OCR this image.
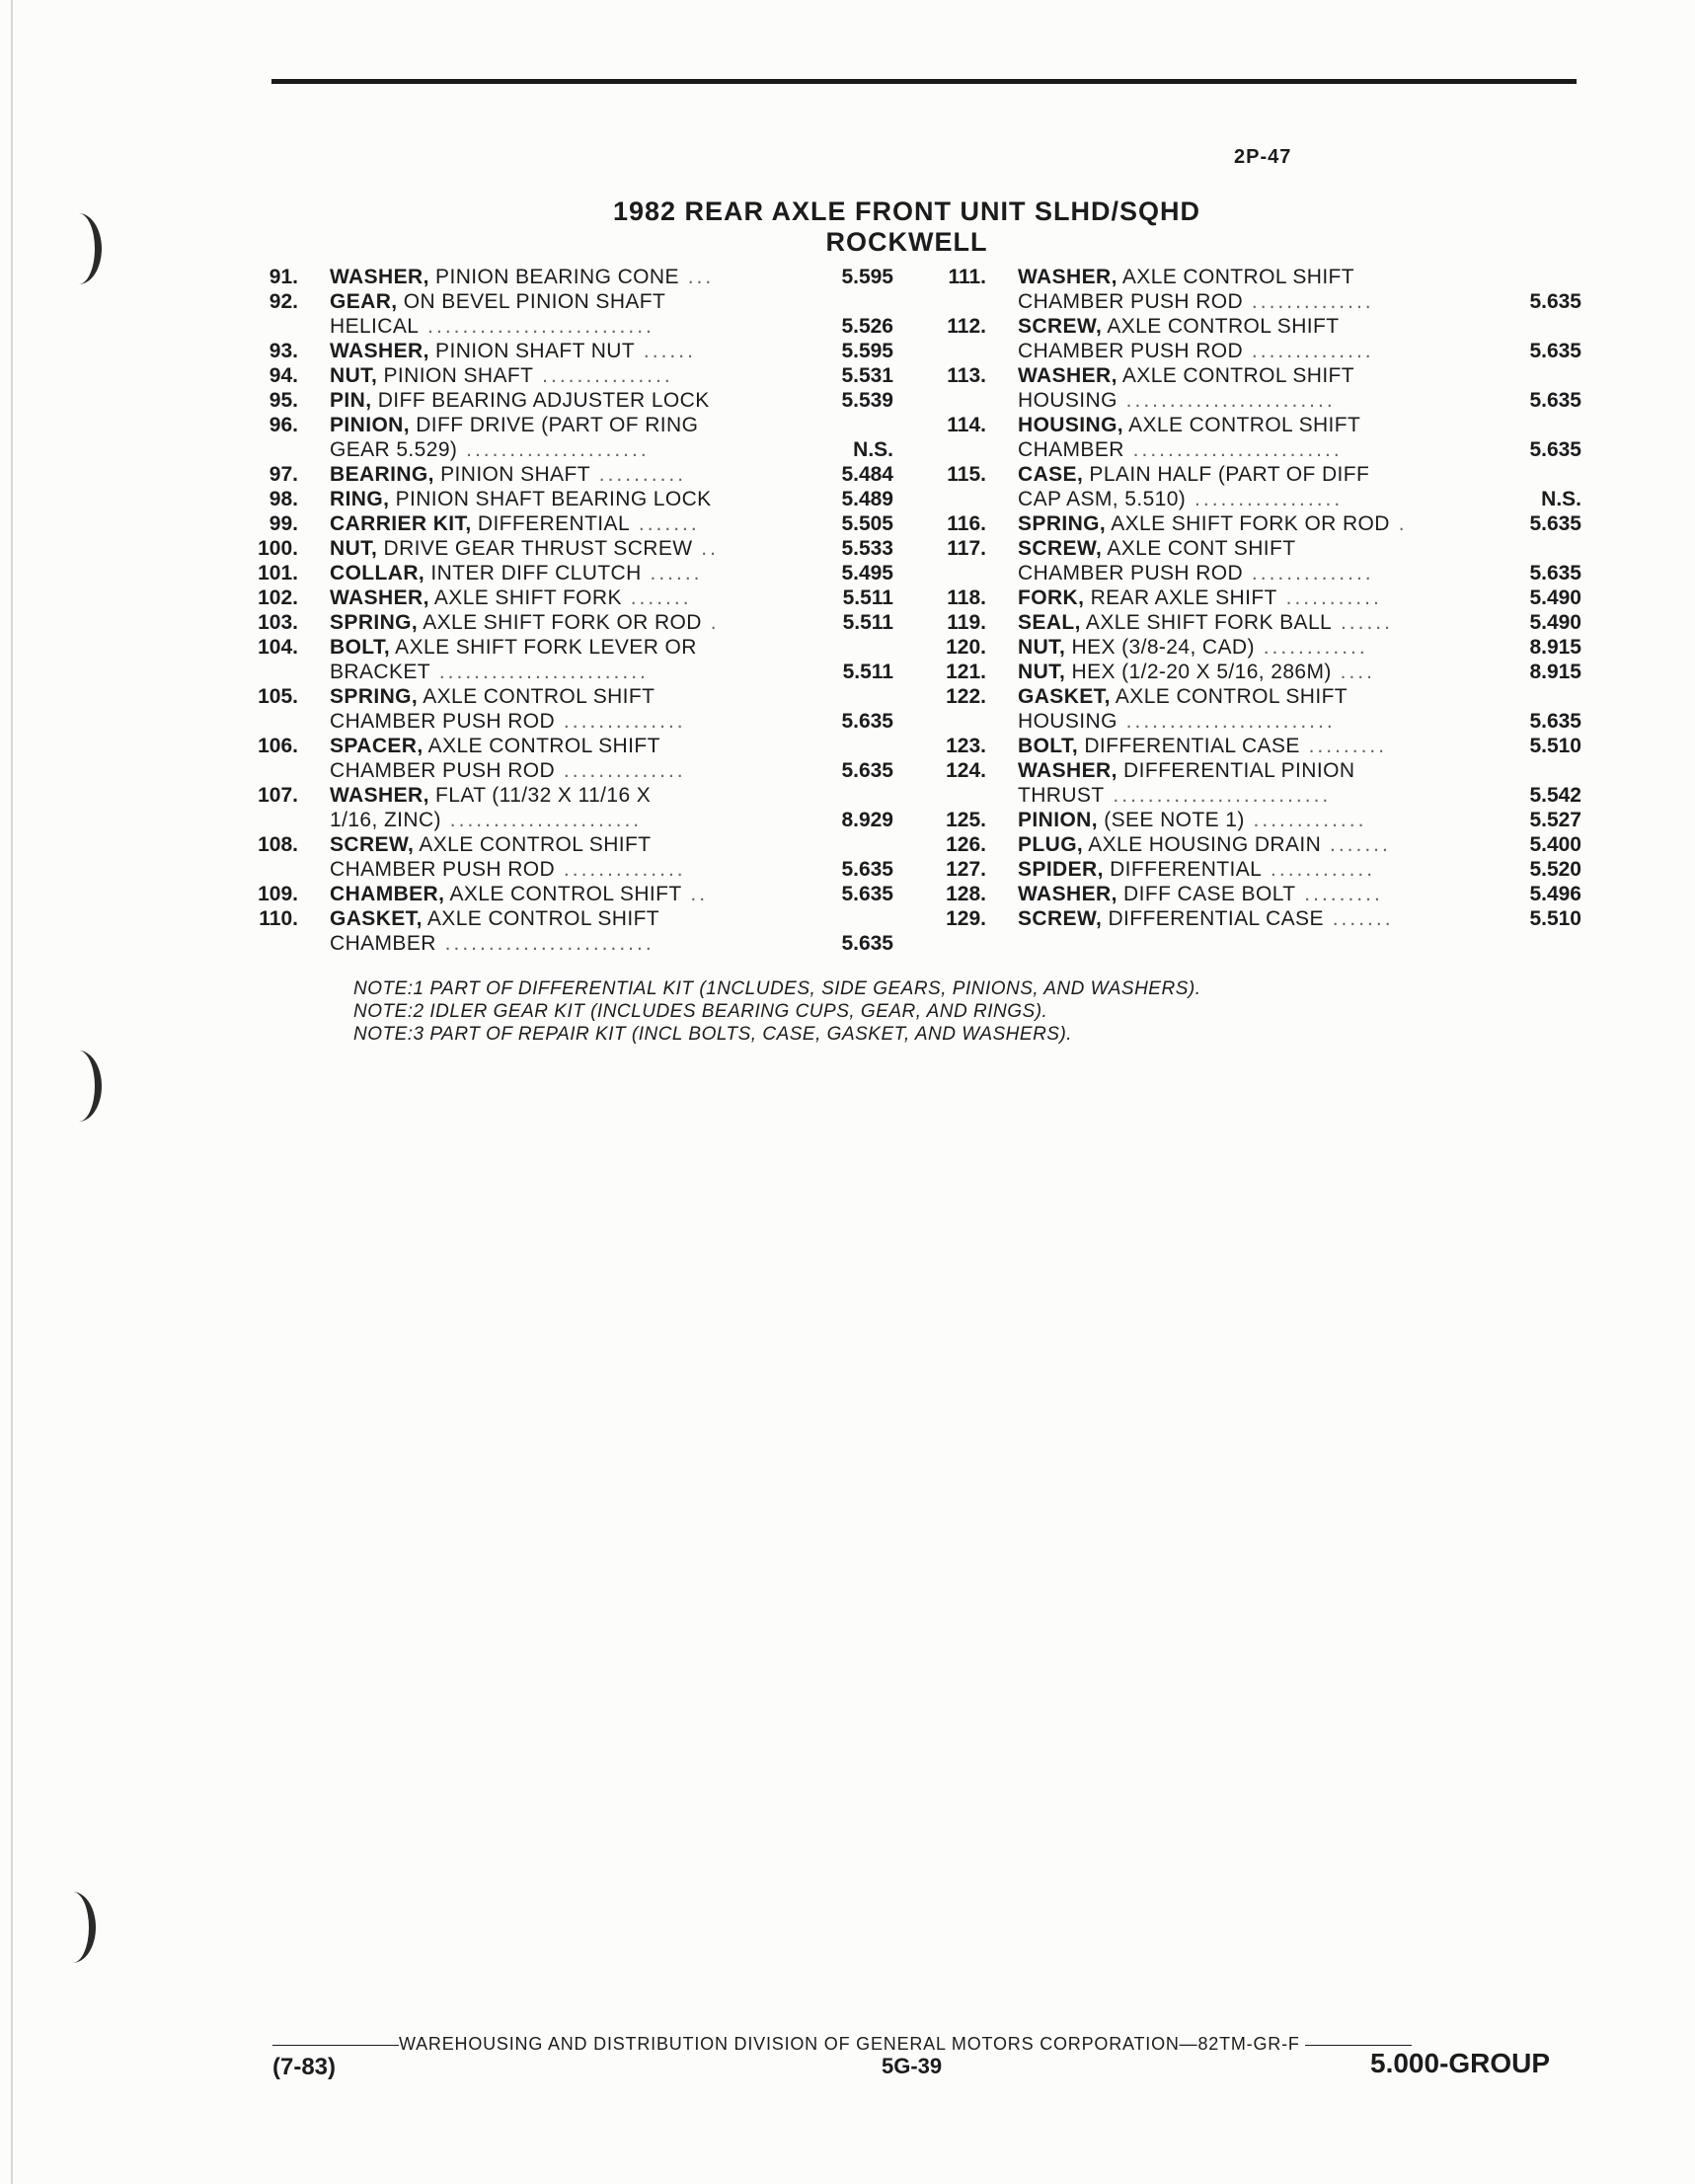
2P-47
1982 REAR AXLE FRONT UNIT SLHD/SQHD
ROCKWELL
91. WASHER, PINION BEARING CONE ...	5.595
92. GEAR, ON BEVEL PINION SHAFT
HELICAL ..........................	5.526
93. WASHER, PINION SHAFT NUT ......	5.595
94. NUT, PINION SHAFT ...............	5.531
95. PIN, DIFF BEARING ADJUSTER LOCK	5.539
96. PINION, DIFF DRIVE (PART OF RING
GEAR 5.529) .....................	N.S.
97. BEARING, PINION SHAFT ..........	5.484
98. RING, PINION SHAFT BEARING LOCK	5.489
99. CARRIER KIT, DIFFERENTIAL .......	5.505
100. NUT, DRIVE GEAR THRUST SCREW ..	5.533
101. COLLAR, INTER DIFF CLUTCH ......	5.495
102. WASHER, AXLE SHIFT FORK .......	5.511
103. SPRING, AXLE SHIFT FORK OR ROD .	5.511
104. BOLT, AXLE SHIFT FORK LEVER OR
BRACKET ........................	5.511
105. SPRING, AXLE CONTROL SHIFT
CHAMBER PUSH ROD ..............	5.635
106. SPACER, AXLE CONTROL SHIFT
CHAMBER PUSH ROD ..............	5.635
107. WASHER, FLAT (11/32 X 11/16 X
1/16, ZINC) ......................	8.929
108. SCREW, AXLE CONTROL SHIFT
CHAMBER PUSH ROD ..............	5.635
109. CHAMBER, AXLE CONTROL SHIFT ..	5.635
110. GASKET, AXLE CONTROL SHIFT
CHAMBER ........................	5.635
111. WASHER, AXLE CONTROL SHIFT
CHAMBER PUSH ROD ..............	5.635
112. SCREW, AXLE CONTROL SHIFT
CHAMBER PUSH ROD ..............	5.635
113. WASHER, AXLE CONTROL SHIFT
HOUSING ........................	5.635
114. HOUSING, AXLE CONTROL SHIFT
CHAMBER ........................	5.635
115. CASE, PLAIN HALF (PART OF DIFF
CAP ASM, 5.510) .................	N.S.
116. SPRING, AXLE SHIFT FORK OR ROD .	5.635
117. SCREW, AXLE CONT SHIFT
CHAMBER PUSH ROD ..............	5.635
118. FORK, REAR AXLE SHIFT ...........	5.490
119. SEAL, AXLE SHIFT FORK BALL ......	5.490
120. NUT, HEX (3/8-24, CAD) ............	8.915
121. NUT, HEX (1/2-20 X 5/16, 286M) ....	8.915
122. GASKET, AXLE CONTROL SHIFT
HOUSING ........................	5.635
123. BOLT, DIFFERENTIAL CASE .........	5.510
124. WASHER, DIFFERENTIAL PINION
THRUST .........................	5.542
125. PINION, (SEE NOTE 1) .............	5.527
126. PLUG, AXLE HOUSING DRAIN .......	5.400
127. SPIDER, DIFFERENTIAL ............	5.520
128. WASHER, DIFF CASE BOLT .........	5.496
129. SCREW, DIFFERENTIAL CASE .......	5.510
NOTE:1 PART OF DIFFERENTIAL KIT (1NCLUDES, SIDE GEARS, PINIONS, AND WASHERS).
NOTE:2 IDLER GEAR KIT (INCLUDES BEARING CUPS, GEAR, AND RINGS).
NOTE:3 PART OF REPAIR KIT (INCL BOLTS, CASE, GASKET, AND WASHERS).
WAREHOUSING AND DISTRIBUTION DIVISION OF GENERAL MOTORS CORPORATION—82TM-GR-F
(7-83)	5G-39	5.000-GROUP
